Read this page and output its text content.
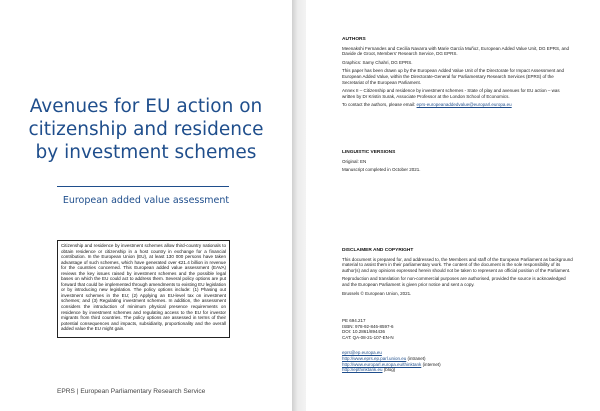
Avenues for EU action on citizenship and residence by investment schemes
European added value assessment

Citizenship and residence by investment schemes allow third-country nationals to obtain residence or citizenship in a host country in exchange for a financial contribution. In the European Union (EU), at least 130 000 persons have taken advantage of such schemes, which have generated over €21.4 billion in revenue for the countries concerned. This European added value assessment (EAVA) reviews the key issues raised by investment schemes and the possible legal bases on which the EU could act to address them. Several policy options are put forward that could be implemented through amendments to existing EU legislation or by introducing new legislation. The policy options include: (1) Phasing out investment schemes in the EU; (2) Applying an EU-level tax on investment schemes; and (3) Regulating investment schemes. In addition, the assessment considers the introduction of minimum physical presence requirements on residence by investment schemes and regulating access to the EU for investor migrants from third countries. The policy options are assessed in terms of their potential consequences and impacts, subsidiarity, proportionality and the overall added value the EU might gain.

EPRS | European Parliamentary Research Service
AUTHORS

Meenakshi Fernandes and Cecilia Navarra with Marie García Muñoz, European Added Value Unit, DG EPRS, and Davide de Groot, Members' Research Service, DG EPRS.

Graphics: Samy Chahri, DG EPRS.

This paper has been drawn up by the European Added Value Unit of the Directorate for Impact Assessment and European Added Value, within the Directorate-General for Parliamentary Research Services (EPRS) of the Secretariat of the European Parliament.

Annex II – Citizenship and residence by investment schemes - State of play and avenues for EU action – was written by Dr Kristin Surak, Associate Professor at the London School of Economics.

To contact the authors, please email: eprs-europeanaddedvalue@europarl.europa.eu

LINGUISTIC VERSIONS

Original: EN

Manuscript completed in October 2021.

DISCLAIMER AND COPYRIGHT

This document is prepared for, and addressed to, the Members and staff of the European Parliament as background material to assist them in their parliamentary work. The content of the document is the sole responsibility of its author(s) and any opinions expressed herein should not be taken to represent an official position of the Parliament.

Reproduction and translation for non-commercial purposes are authorised, provided the source is acknowledged and the European Parliament is given prior notice and sent a copy.

Brussels © European Union, 2021.

PE 694.217
ISBN: 978-92-846-8597-6
DOI: 10.2861/894436
CAT: QA-08-21-107-EN-N
eprs@ep.europa.eu
http://www.eprs.ep.parl.union.eu (intranet)
http://www.europarl.europa.eu/thinktank (internet)
http://epthinktank.eu (blog)
